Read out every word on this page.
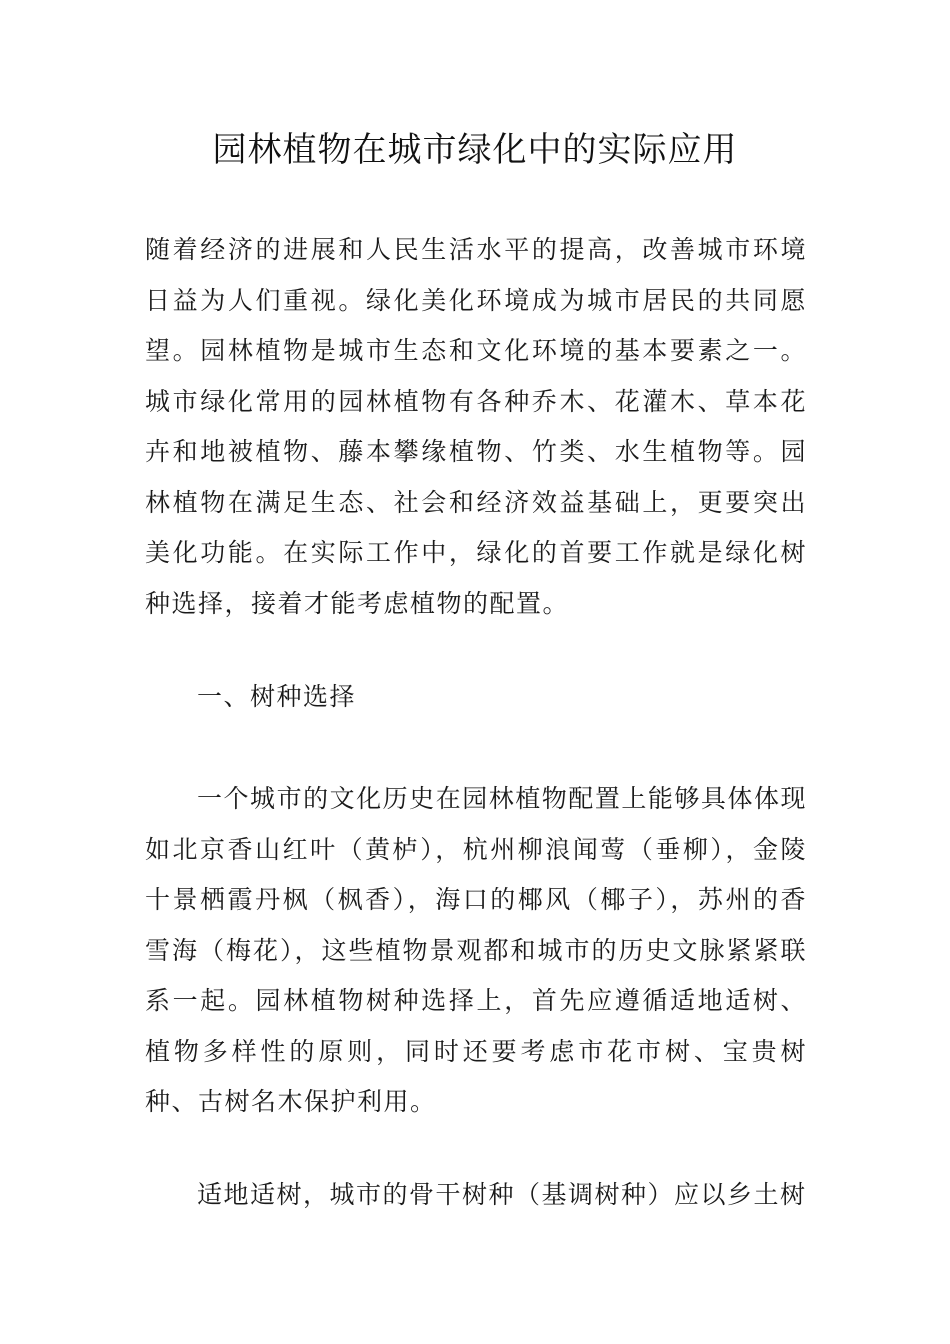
园林植物在城市绿化中的实际应用

随着经济的进展和人民生活水平的提高，改善城市环境日益为人们重视。绿化美化环境成为城市居民的共同愿望。园林植物是城市生态和文化环境的基本要素之一。城市绿化常用的园林植物有各种乔木、花灌木、草本花卉和地被植物、藤本攀缘植物、竹类、水生植物等。园林植物在满足生态、社会和经济效益基础上，更要突出美化功能。在实际工作中，绿化的首要工作就是绿化树种选择，接着才能考虑植物的配置。

一、树种选择

一个城市的文化历史在园林植物配置上能够具体体现如北京香山红叶（黄栌），杭州柳浪闻莺（垂柳），金陵十景栖霞丹枫（枫香），海口的椰风（椰子），苏州的香雪海（梅花），这些植物景观都和城市的历史文脉紧紧联系一起。园林植物树种选择上，首先应遵循适地适树、植物多样性的原则，同时还要考虑市花市树、宝贵树种、古树名木保护利用。

适地适树，城市的骨干树种（基调树种）应以乡土树
